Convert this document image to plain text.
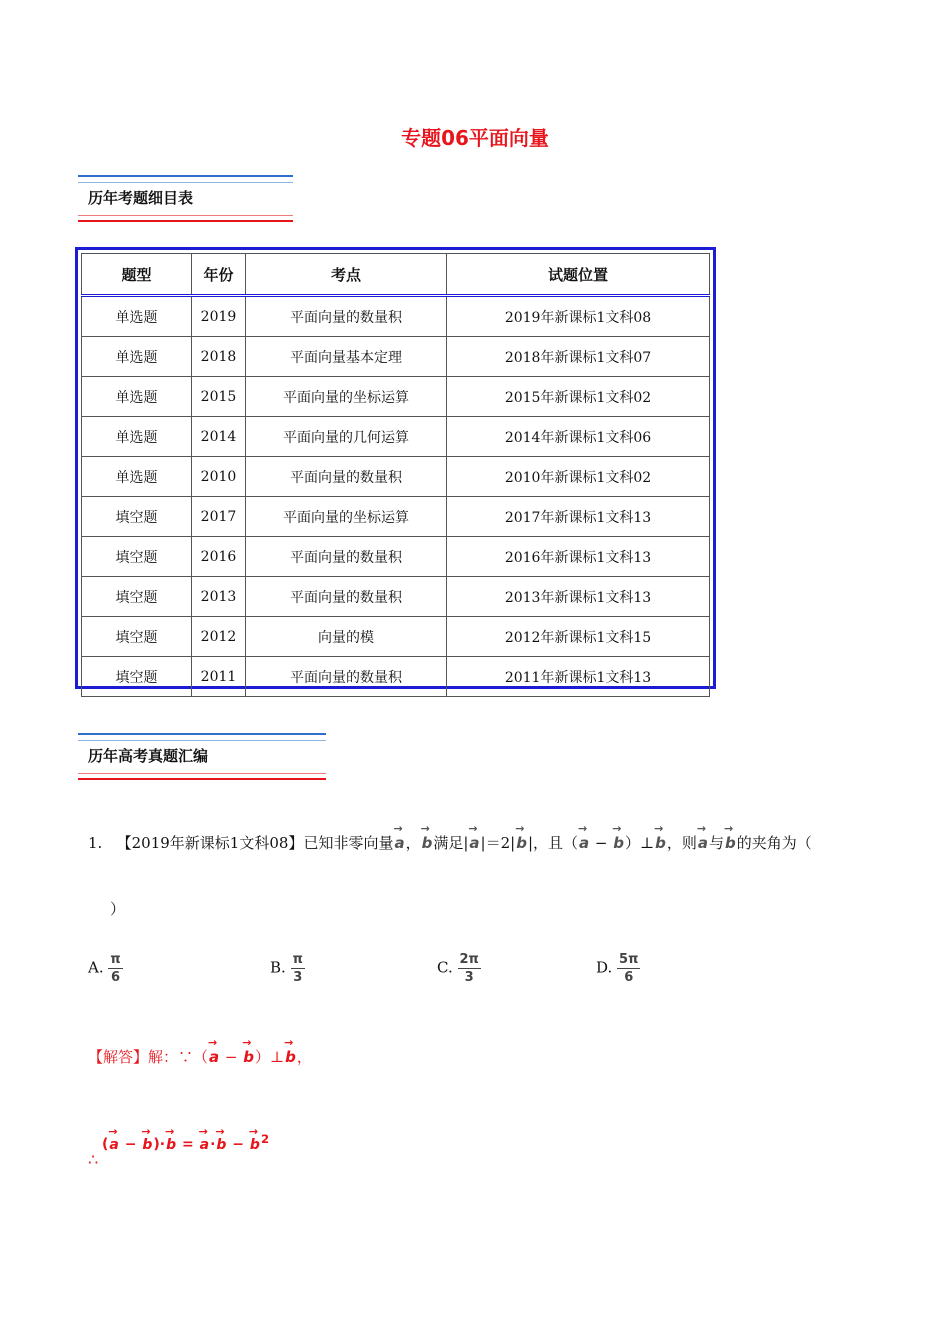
专题06平面向量
历年考题细目表
题型	年份	考点	试题位置
单选题	2019	平面向量的数量积	2019年新课标1文科08
单选题	2018	平面向量基本定理	2018年新课标1文科07
单选题	2015	平面向量的坐标运算	2015年新课标1文科02
单选题	2014	平面向量的几何运算	2014年新课标1文科06
单选题	2010	平面向量的数量积	2010年新课标1文科02
填空题	2017	平面向量的坐标运算	2017年新课标1文科13
填空题	2016	平面向量的数量积	2016年新课标1文科13
填空题	2013	平面向量的数量积	2013年新课标1文科13
填空题	2012	向量的模	2012年新课标1文科15
填空题	2011	平面向量的数量积	2011年新课标1文科13
历年高考真题汇编
1. 【2019年新课标1文科08】已知非零向量→ a，→ b满足|→ a|＝2|→ b|，且（→ a − → b）⊥→ b，则→ a与→ b的夹角为（
）
A. $\frac{\pi}{6}$	B. $\frac{\pi}{3}$	C. $\frac{2\pi}{3}$	D. $\frac{5\pi}{6}$
【解答】解：∵（→ a − → b）⊥→ b，
(→ a − → b)·→ b = → a·→ b − → $b^2$
∴
